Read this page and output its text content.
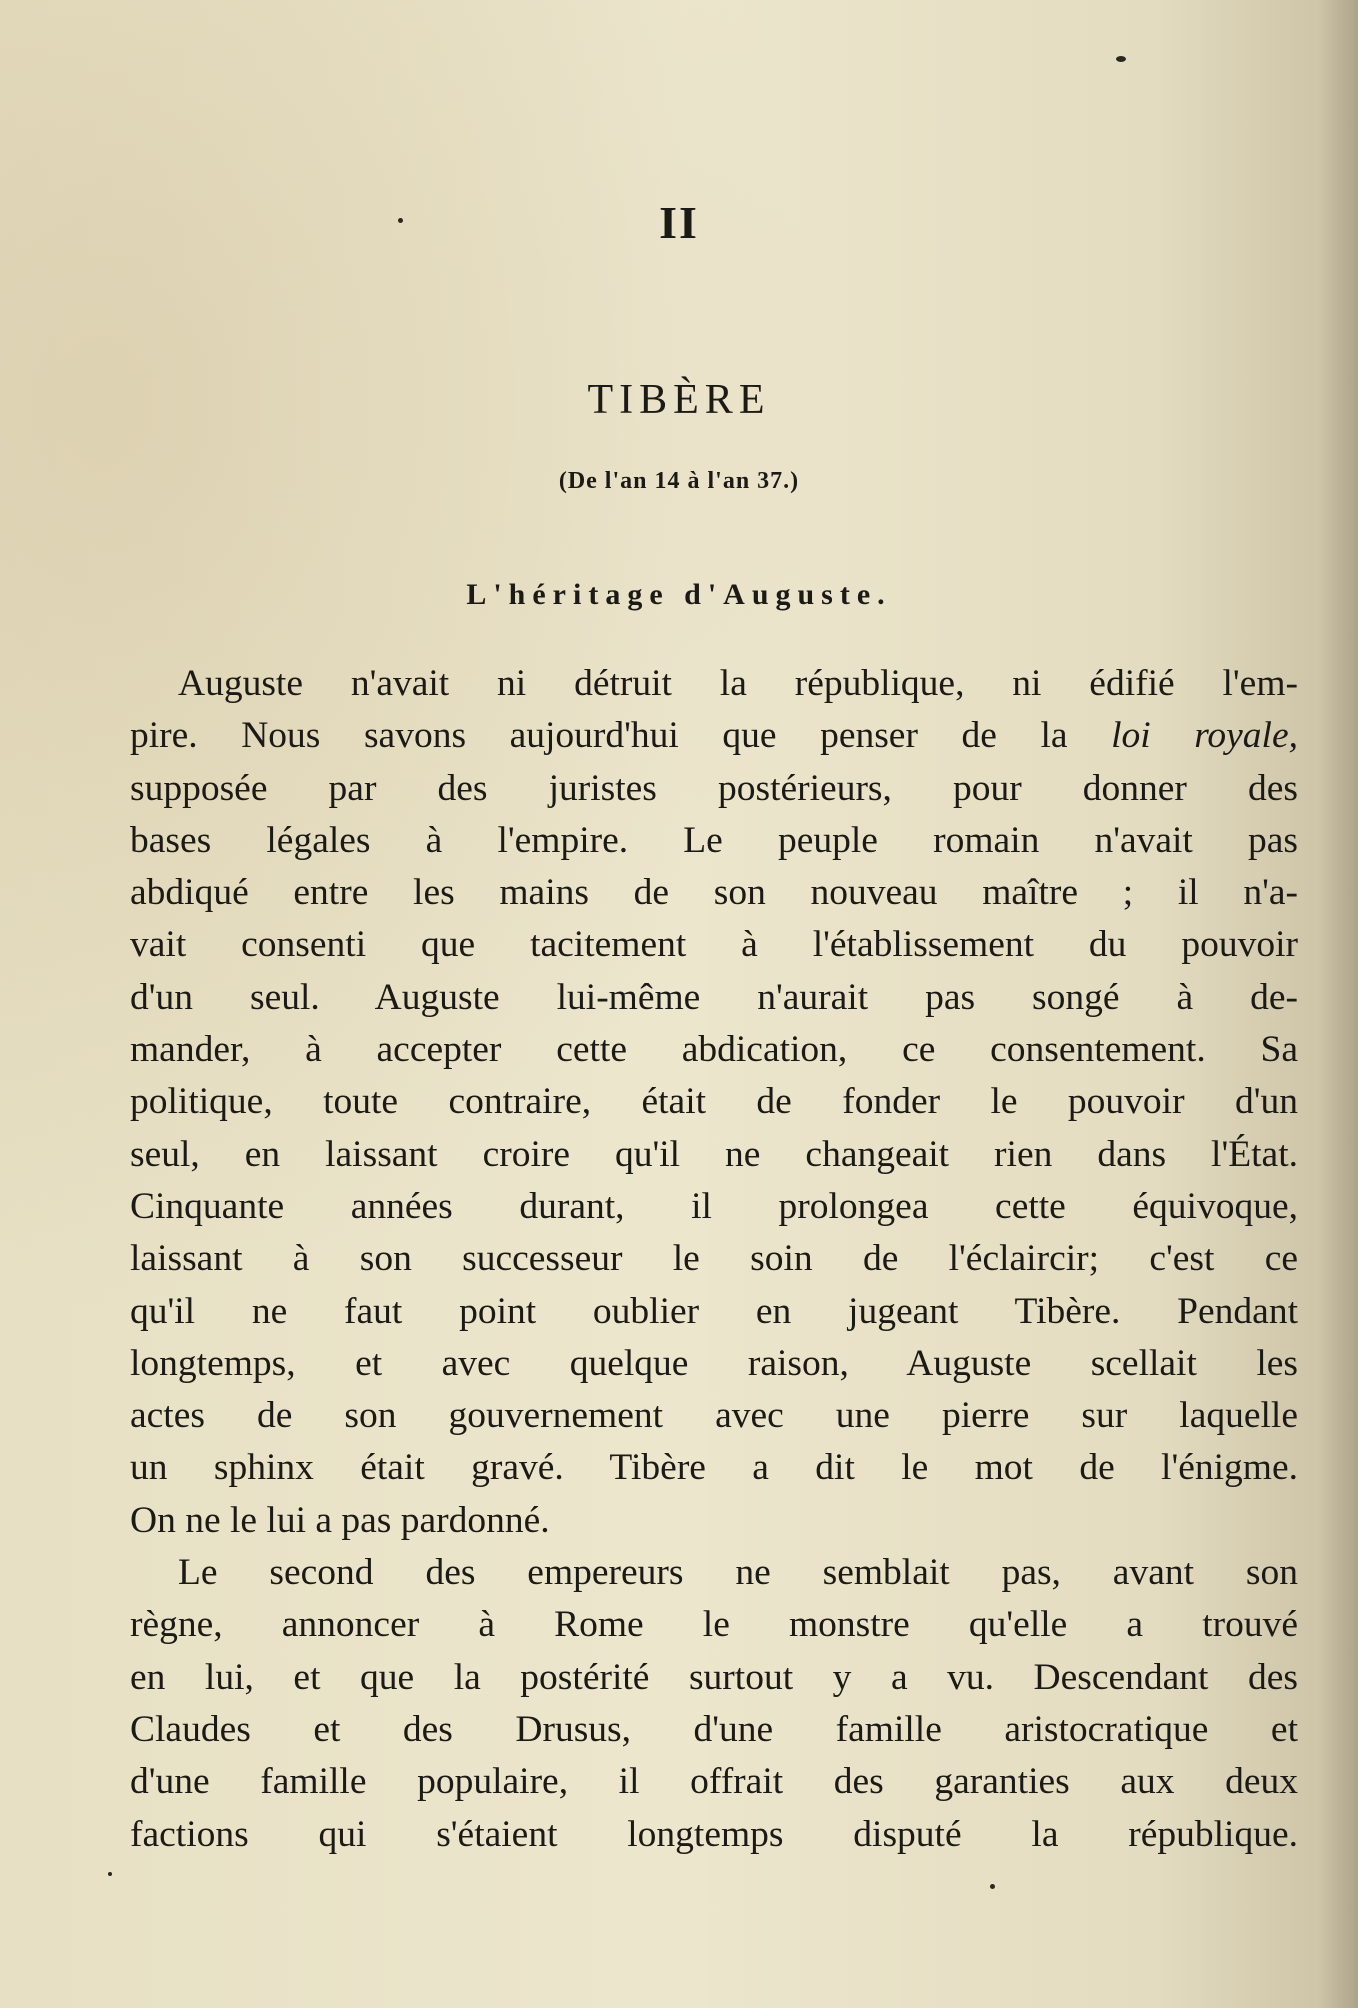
II
TIBÈRE
(De l'an 14 à l'an 37.)
L'héritage d'Auguste.
Auguste n'avait ni détruit la république, ni édifié l'em-
pire. Nous savons aujourd'hui que penser de la loi royale,
supposée par des juristes postérieurs, pour donner des
bases légales à l'empire. Le peuple romain n'avait pas
abdiqué entre les mains de son nouveau maître ; il n'a-
vait consenti que tacitement à l'établissement du pouvoir
d'un seul. Auguste lui-même n'aurait pas songé à de-
mander, à accepter cette abdication, ce consentement. Sa
politique, toute contraire, était de fonder le pouvoir d'un
seul, en laissant croire qu'il ne changeait rien dans l'État.
Cinquante années durant, il prolongea cette équivoque,
laissant à son successeur le soin de l'éclaircir; c'est ce
qu'il ne faut point oublier en jugeant Tibère. Pendant
longtemps, et avec quelque raison, Auguste scellait les
actes de son gouvernement avec une pierre sur laquelle
un sphinx était gravé. Tibère a dit le mot de l'énigme.
On ne le lui a pas pardonné.
Le second des empereurs ne semblait pas, avant son
règne, annoncer à Rome le monstre qu'elle a trouvé
en lui, et que la postérité surtout y a vu. Descendant des
Claudes et des Drusus, d'une famille aristocratique et
d'une famille populaire, il offrait des garanties aux deux
factions qui s'étaient longtemps disputé la république.
